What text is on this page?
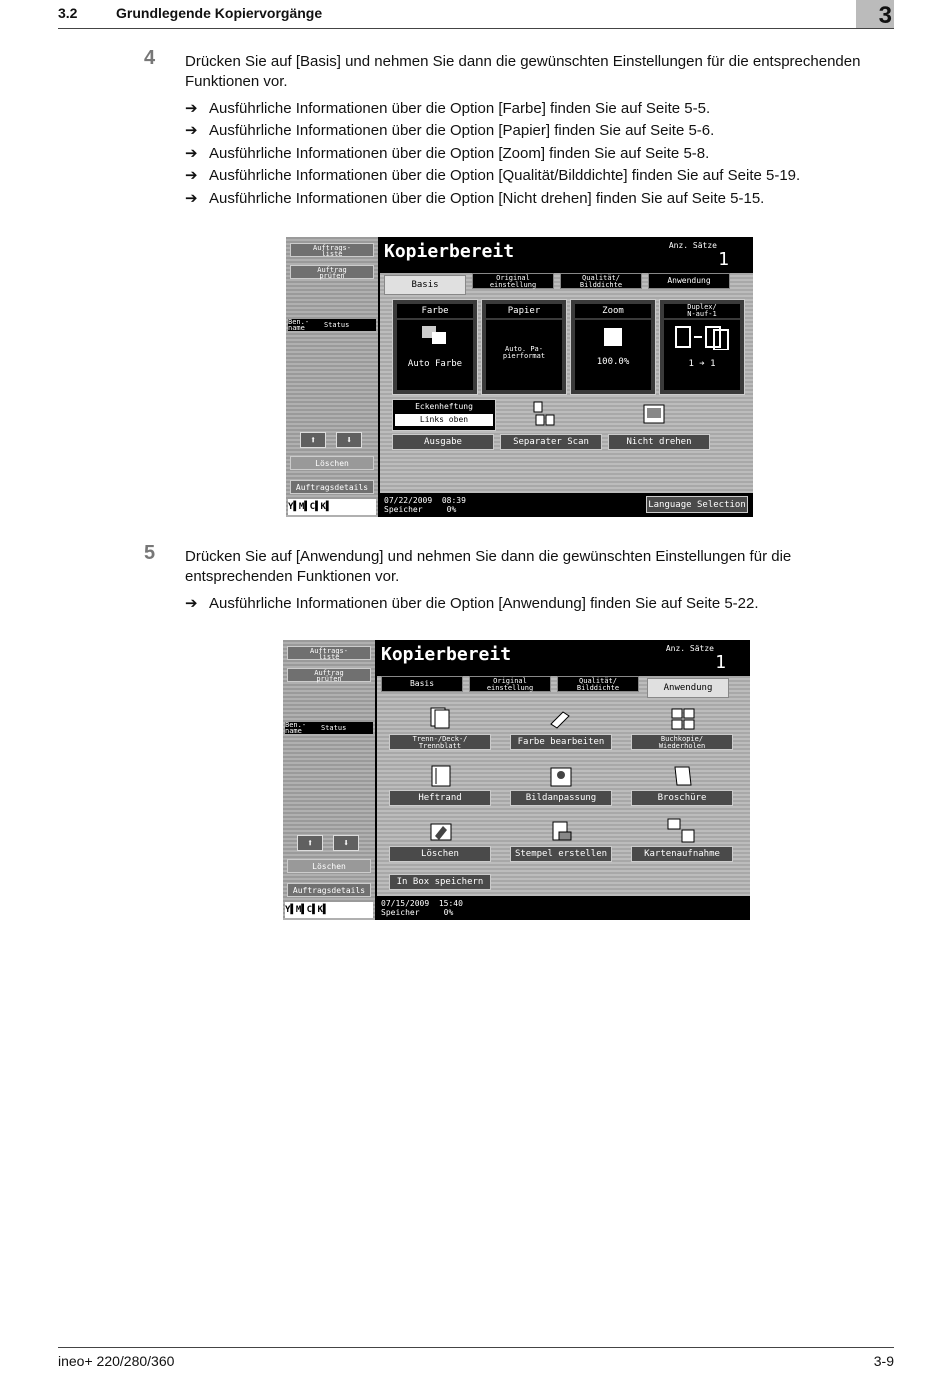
3.2	Grundlegende Kopiervorgänge	3
4 Drücken Sie auf [Basis] und nehmen Sie dann die gewünschten Einstellungen für die entsprechenden Funktionen vor.
➔ Ausführliche Informationen über die Option [Farbe] finden Sie auf Seite 5-5.
➔ Ausführliche Informationen über die Option [Papier] finden Sie auf Seite 5-6.
➔ Ausführliche Informationen über die Option [Zoom] finden Sie auf Seite 5-8.
➔ Ausführliche Informationen über die Option [Qualität/Bilddichte] finden Sie auf Seite 5-19.
➔ Ausführliche Informationen über die Option [Nicht drehen] finden Sie auf Seite 5-15.
Auftrags-
liste
Auftrag
prüfen
Ben.-
name	Status
⬆	⬇
Löschen
Auftragsdetails
Y▌M▌C▌K▌
Kopierbereit	Anz. Sätze
1
Basis
Original
einstellung
Qualität/
Bilddichte	Anwendung
Farbe
Auto Farbe
Papier
Auto. Pa-
pierformat
Zoom
100.0%
Duplex/
N-auf-1
1 ➔ 1
Eckenheftung
Links oben
Ausgabe	Separater Scan	Nicht drehen
07/22/2009 08:39
Speicher	0%	Language Selection
5 Drücken Sie auf [Anwendung] und nehmen Sie dann die gewünschten Einstellungen für die entsprechenden Funktionen vor.
➔ Ausführliche Informationen über die Option [Anwendung] finden Sie auf Seite 5-22.
Auftrags-
liste
Auftrag
prüfen
Ben.-
name	Status
⬆	⬇
Löschen
Auftragsdetails
Y▌M▌C▌K▌
Kopierbereit	Anz. Sätze
1
Basis	Original
einstellung
Qualität/
Bilddichte	Anwendung
Trenn-/Deck-/
Trennblatt	Farbe bearbeiten	Buchkopie/
Wiederholen
Heftrand	Bildanpassung	Broschüre
Löschen	Stempel erstellen	Kartenaufnahme
In Box speichern
07/15/2009 15:40
Speicher	0%
ineo+ 220/280/360	3-9
